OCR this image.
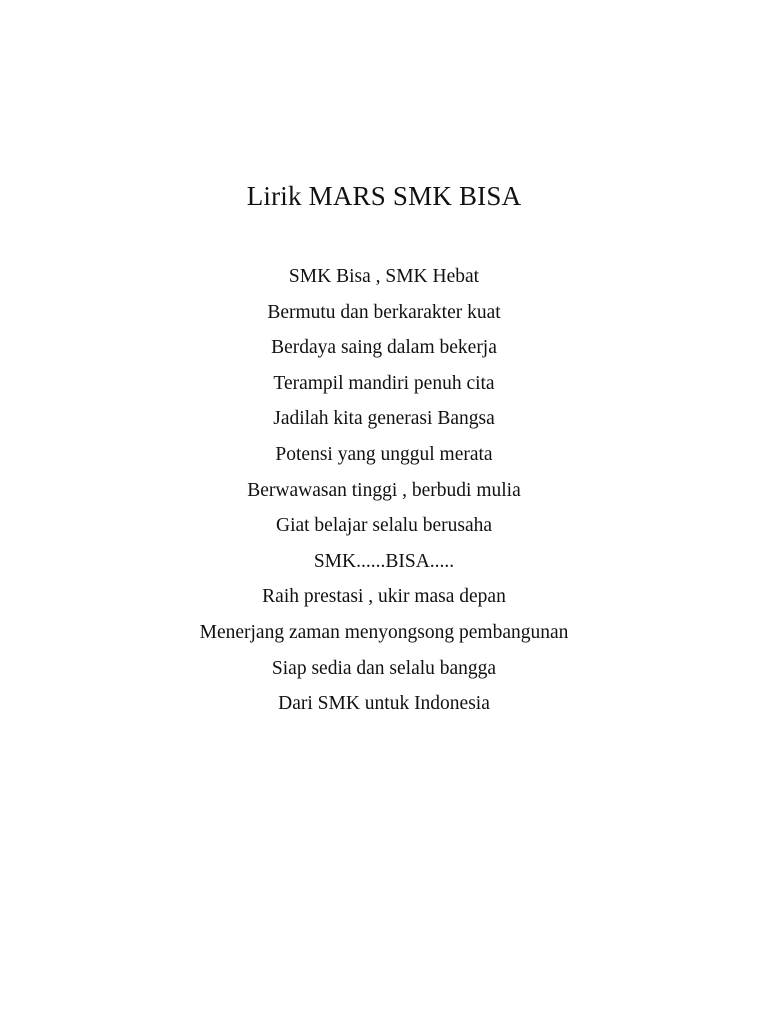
Lirik MARS SMK BISA
SMK Bisa , SMK Hebat
Bermutu dan berkarakter kuat
Berdaya saing dalam bekerja
Terampil mandiri penuh cita
Jadilah kita generasi Bangsa
Potensi yang unggul merata
Berwawasan tinggi , berbudi mulia
Giat belajar selalu berusaha
SMK......BISA.....
Raih prestasi , ukir masa depan
Menerjang zaman menyongsong pembangunan
Siap sedia dan selalu bangga
Dari SMK untuk Indonesia
